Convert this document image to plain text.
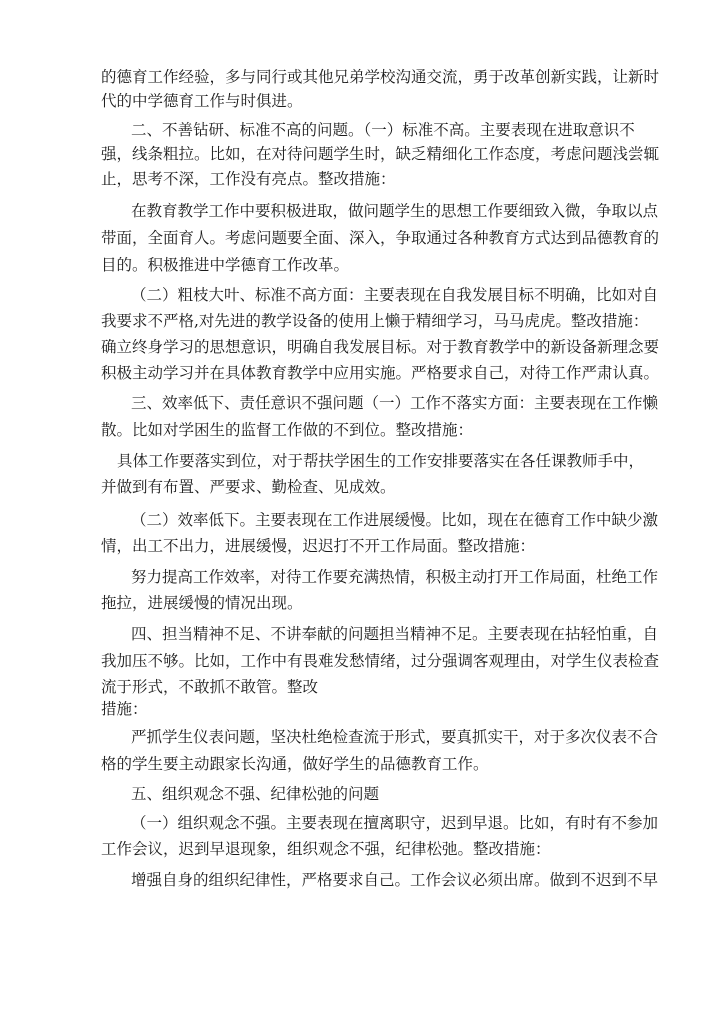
的德育工作经验，多与同行或其他兄弟学校沟通交流，勇于改革创新实践，让新时
代的中学德育工作与时俱进。
二、不善钻研、标准不高的问题。（一）标准不高。主要表现在进取意识不
强，线条粗拉。比如，在对待问题学生时，缺乏精细化工作态度，考虑问题浅尝辄
止，思考不深，工作没有亮点。整改措施：
在教育教学工作中要积极进取，做问题学生的思想工作要细致入微，争取以点
带面，全面育人。考虑问题要全面、深入，争取通过各种教育方式达到品德教育的
目的。积极推进中学德育工作改革。
（二）粗枝大叶、标准不高方面：主要表现在自我发展目标不明确，比如对自
我要求不严格,对先进的教学设备的使用上懒于精细学习，马马虎虎。整改措施：
确立终身学习的思想意识，明确自我发展目标。对于教育教学中的新设备新理念要
积极主动学习并在具体教育教学中应用实施。严格要求自己，对待工作严肃认真。
三、效率低下、责任意识不强问题（一）工作不落实方面：主要表现在工作懒
散。比如对学困生的监督工作做的不到位。整改措施：
具体工作要落实到位，对于帮扶学困生的工作安排要落实在各任课教师手中，
并做到有布置、严要求、勤检查、见成效。
（二）效率低下。主要表现在工作进展缓慢。比如，现在在德育工作中缺少激
情，出工不出力，进展缓慢，迟迟打不开工作局面。整改措施：
努力提高工作效率，对待工作要充满热情，积极主动打开工作局面，杜绝工作
拖拉，进展缓慢的情况出现。
四、担当精神不足、不讲奉献的问题担当精神不足。主要表现在拈轻怕重，自
我加压不够。比如，工作中有畏难发愁情绪，过分强调客观理由，对学生仪表检查
流于形式，不敢抓不敢管。整改
措施：
严抓学生仪表问题，坚决杜绝检查流于形式，要真抓实干，对于多次仪表不合
格的学生要主动跟家长沟通，做好学生的品德教育工作。
五、组织观念不强、纪律松弛的问题
（一）组织观念不强。主要表现在擅离职守，迟到早退。比如，有时有不参加
工作会议，迟到早退现象，组织观念不强，纪律松弛。整改措施：
增强自身的组织纪律性，严格要求自己。工作会议必须出席。做到不迟到不早
